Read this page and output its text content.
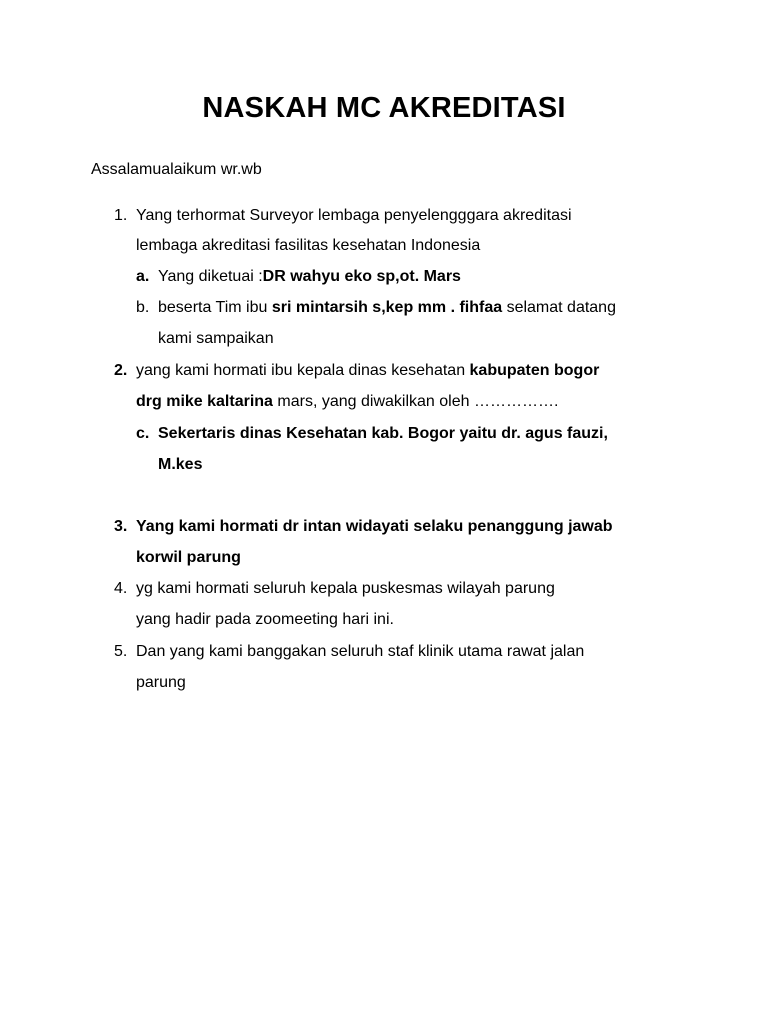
NASKAH MC AKREDITASI
Assalamualaikum wr.wb
1. Yang terhormat Surveyor lembaga penyelengggara akreditasi
lembaga akreditasi fasilitas kesehatan Indonesia
a. Yang diketuai :DR wahyu eko sp,ot. Mars
b. beserta Tim ibu sri mintarsih s,kep mm . fihfaa selamat datang
kami sampaikan
2. yang kami hormati ibu kepala dinas kesehatan kabupaten bogor
drg mike kaltarina mars, yang diwakilkan oleh …………….
c. Sekertaris dinas Kesehatan kab. Bogor yaitu dr. agus fauzi,
M.kes
3. Yang kami hormati dr intan widayati selaku penanggung jawab
korwil parung
4. yg kami hormati seluruh kepala puskesmas wilayah parung
yang hadir pada zoomeeting hari ini.
5. Dan yang kami banggakan seluruh staf klinik utama rawat jalan
parung
